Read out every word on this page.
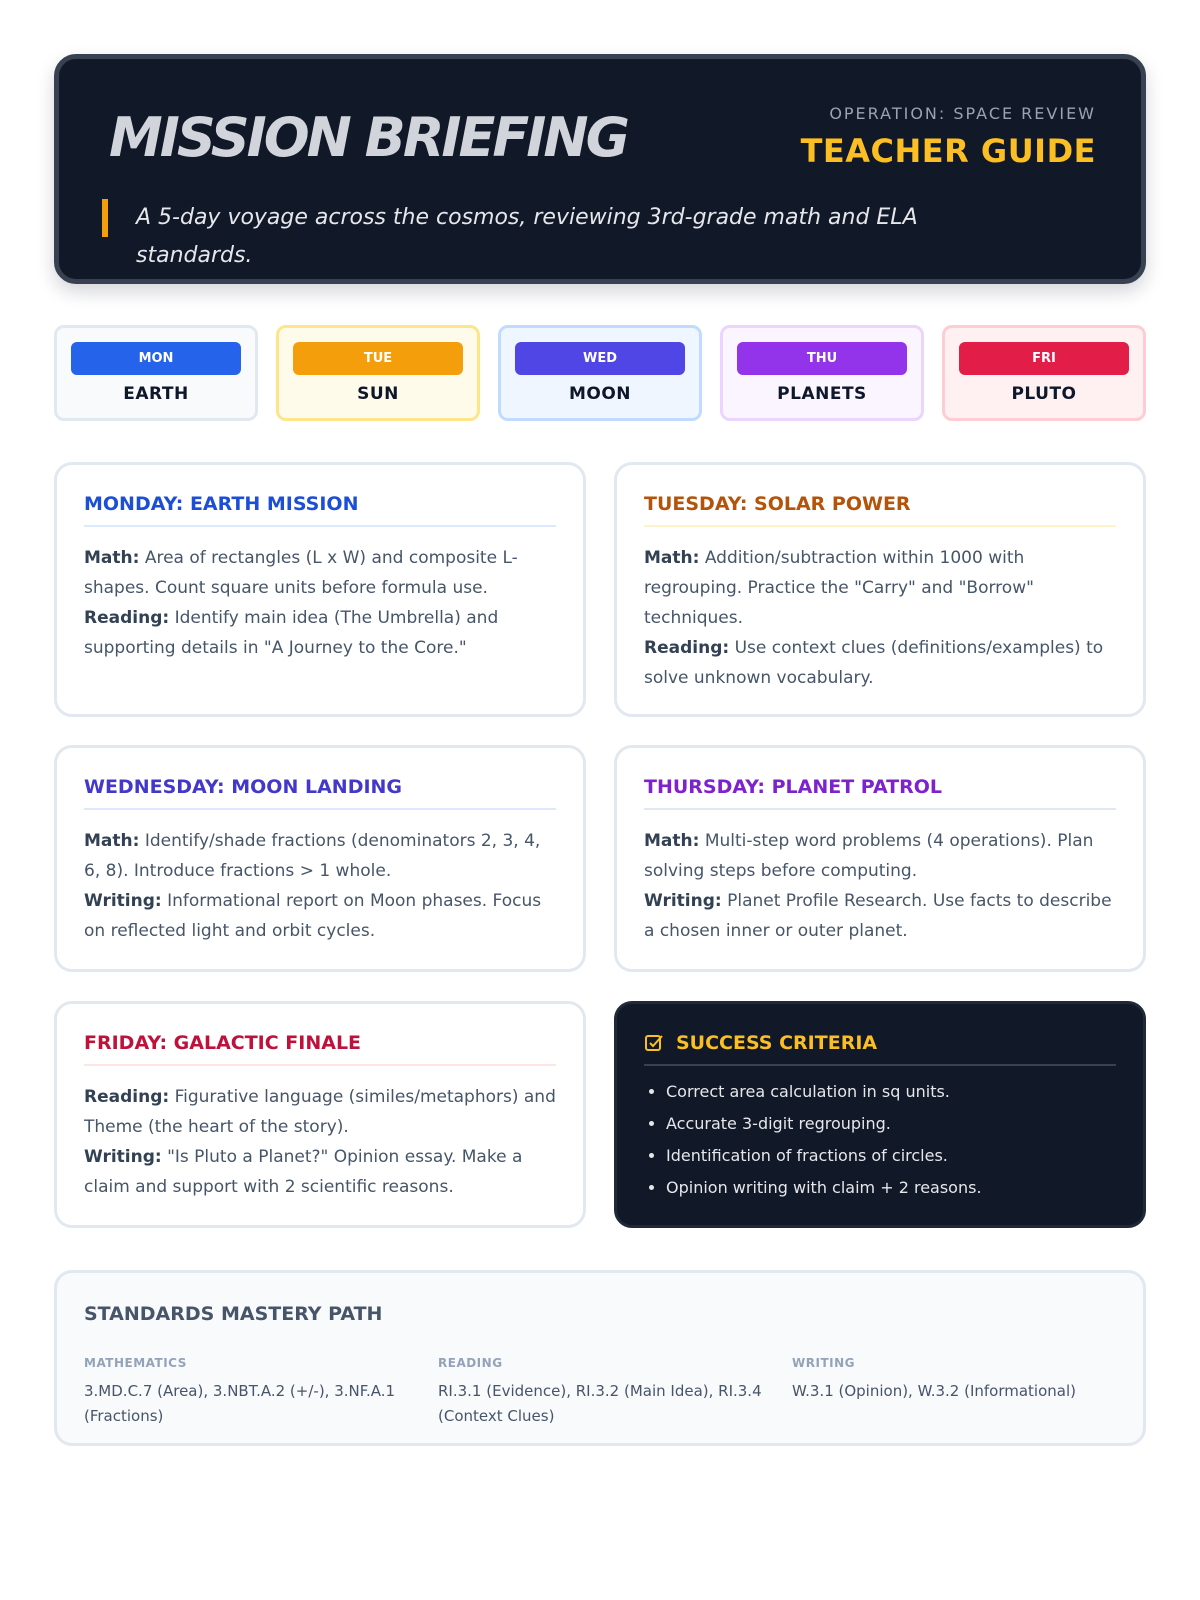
MISSION BRIEFING	OPERATION: SPACE REVIEW
TEACHER GUIDE
A 5-day voyage across the cosmos, reviewing 3rd-grade math and ELA standards.
MON
EARTH
TUE
SUN
WED
MOON
THU
PLANETS
FRI
PLUTO
MONDAY: EARTH MISSION

Math: Area of rectangles (L x W) and composite L-shapes. Count square units before formula use.

Reading: Identify main idea (The Umbrella) and supporting details in "A Journey to the Core."

TUESDAY: SOLAR POWER

Math: Addition/subtraction within 1000 with regrouping. Practice the "Carry" and "Borrow" techniques.

Reading: Use context clues (definitions/examples) to solve unknown vocabulary.

WEDNESDAY: MOON LANDING

Math: Identify/shade fractions (denominators 2, 3, 4, 6, 8). Introduce fractions > 1 whole.

Writing: Informational report on Moon phases. Focus on reflected light and orbit cycles.

THURSDAY: PLANET PATROL

Math: Multi-step word problems (4 operations). Plan solving steps before computing.

Writing: Planet Profile Research. Use facts to describe a chosen inner or outer planet.

FRIDAY: GALACTIC FINALE

Reading: Figurative language (similes/metaphors) and Theme (the heart of the story).

Writing: "Is Pluto a Planet?" Opinion essay. Make a claim and support with 2 scientific reasons.

SUCCESS CRITERIA
• Correct area calculation in sq units.
• Accurate 3-digit regrouping.
• Identification of fractions of circles.
• Opinion writing with claim + 2 reasons.
STANDARDS MASTERY PATH
MATHEMATICS
3.MD.C.7 (Area), 3.NBT.A.2 (+/-), 3.NF.A.1 (Fractions)
READING
RI.3.1 (Evidence), RI.3.2 (Main Idea), RI.3.4 (Context Clues)
WRITING
W.3.1 (Opinion), W.3.2 (Informational)
